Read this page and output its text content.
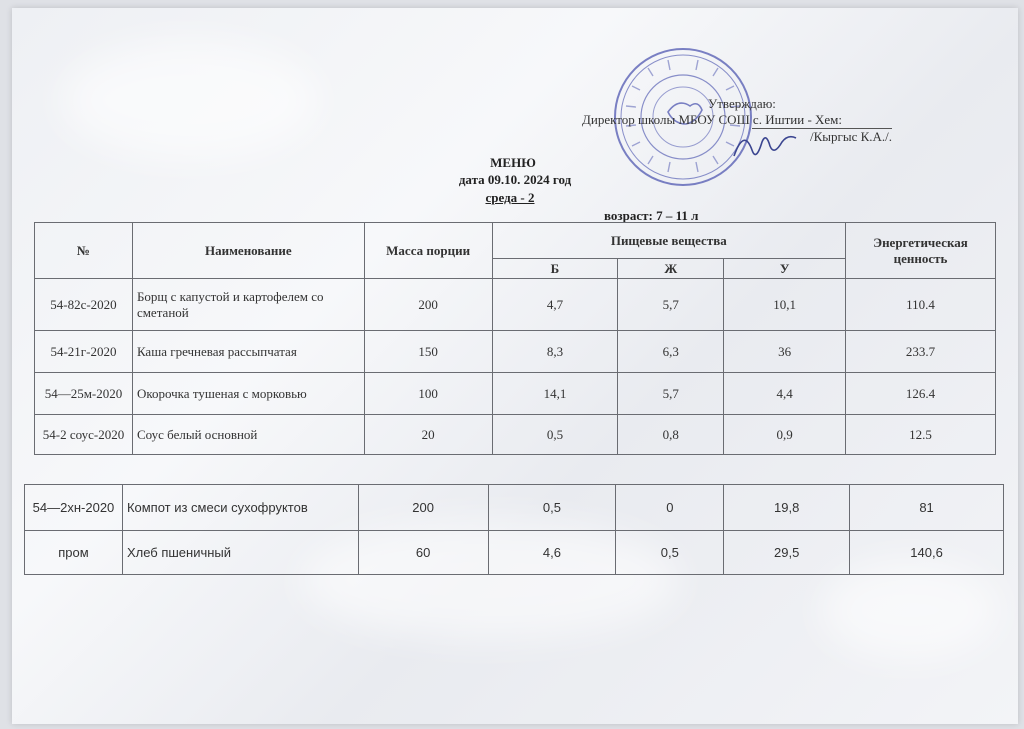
Утверждаю:
Директор школы МБОУ СОШ с. Иштии - Хем:
/Кыргыс К.А./.
МЕНЮ
дата 09.10. 2024 год
среда - 2
возраст: 7 – 11 л
№	Наименование	Масса порции	Пищевые вещества			Энергетическая ценность
			Б	Ж	У	
54-82с-2020	Борщ с капустой и картофелем со сметаной	200	4,7	5,7	10,1	110.4
54-21г-2020	Каша гречневая рассыпчатая	150	8,3	6,3	36	233.7
54—25м-2020	Окорочка тушеная с морковью	100	14,1	5,7	4,4	126.4
54-2 соус-2020	Соус белый основной	20	0,5	0,8	0,9	12.5
54—2хн-2020	Компот из смеси сухофруктов	200	0,5	0	19,8	81
пром	Хлеб пшеничный	60	4,6	0,5	29,5	140,6
